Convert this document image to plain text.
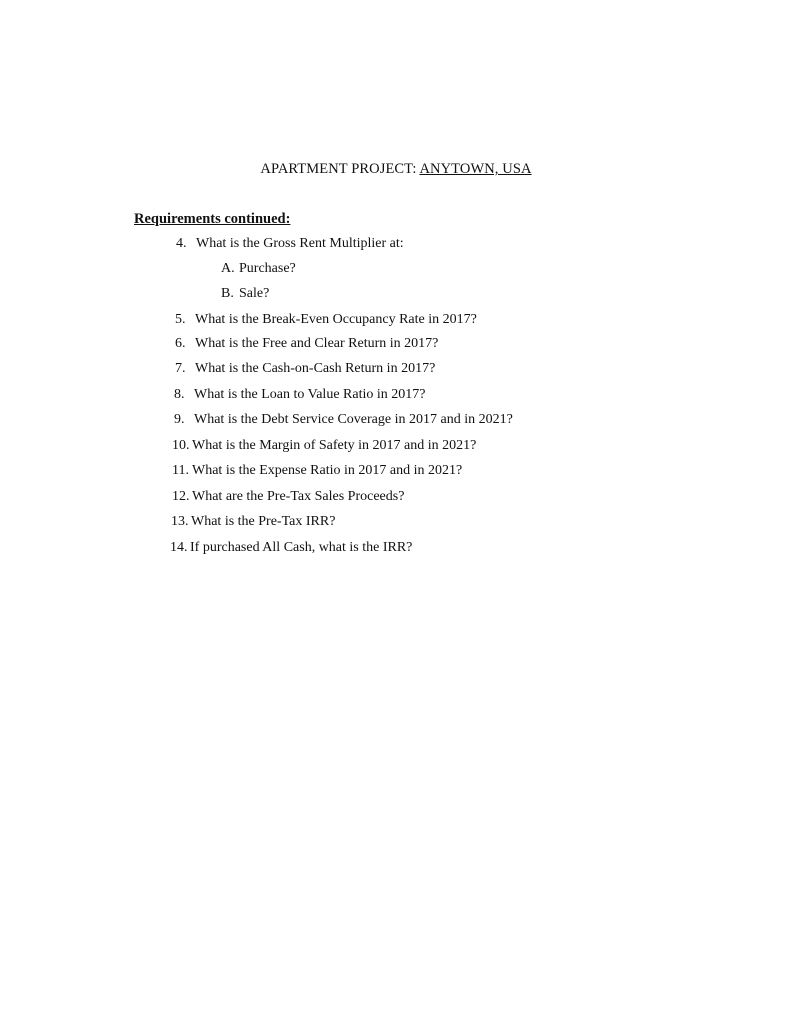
APARTMENT PROJECT: ANYTOWN, USA
Requirements continued:
4. What is the Gross Rent Multiplier at:
A. Purchase?
B. Sale?
5. What is the Break-Even Occupancy Rate in 2017?
6. What is the Free and Clear Return in 2017?
7. What is the Cash-on-Cash Return in 2017?
8. What is the Loan to Value Ratio in 2017?
9. What is the Debt Service Coverage in 2017 and in 2021?
10. What is the Margin of Safety in 2017 and in 2021?
11. What is the Expense Ratio in 2017 and in 2021?
12. What are the Pre-Tax Sales Proceeds?
13. What is the Pre-Tax IRR?
14. If purchased All Cash, what is the IRR?
